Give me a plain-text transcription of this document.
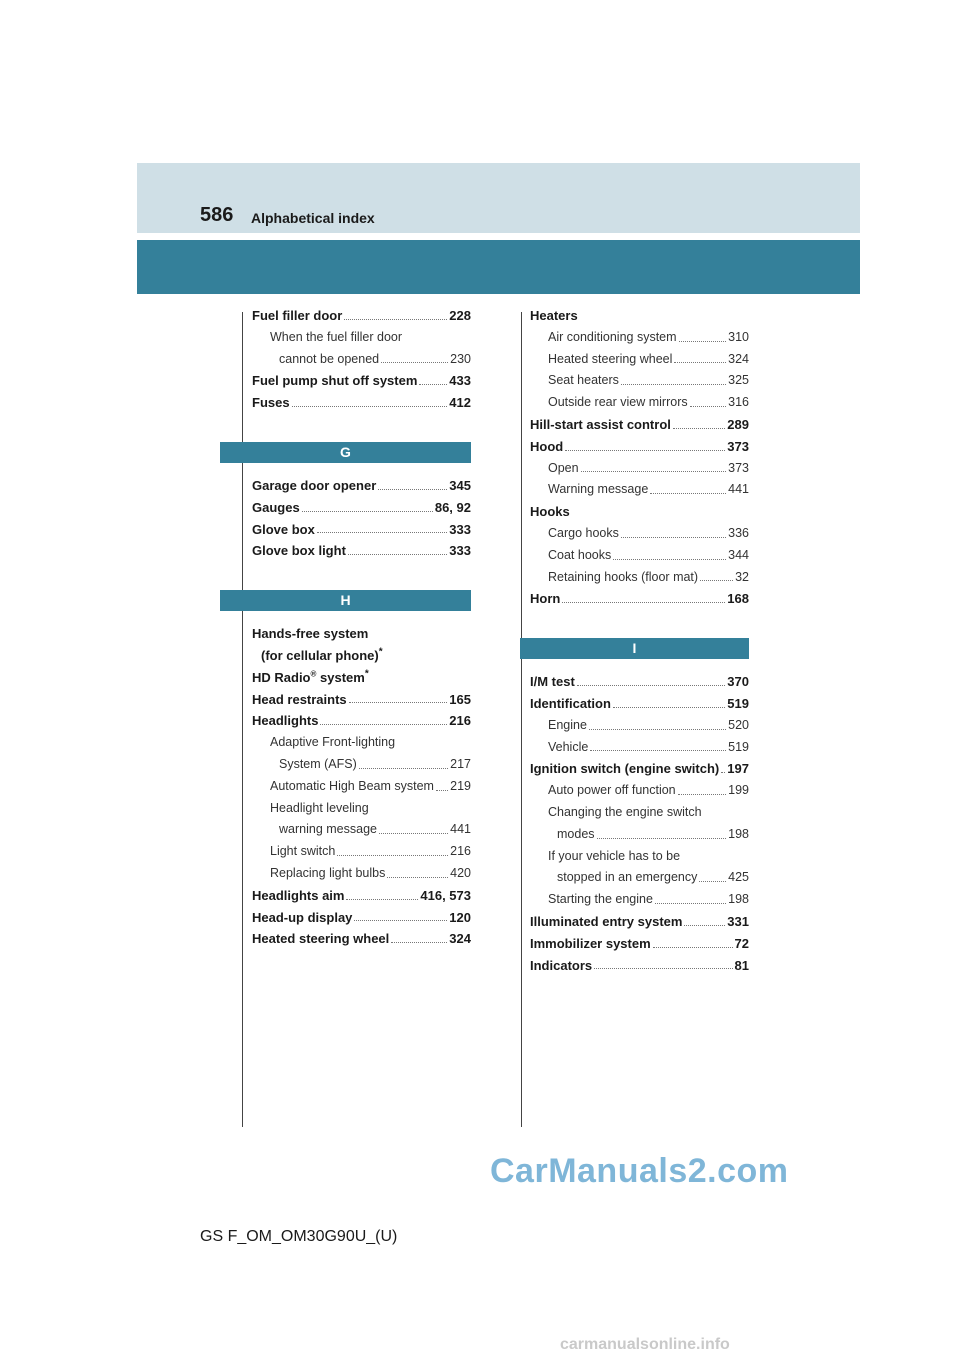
586 Alphabetical index
Fuel filler door	228
When the fuel filler door
cannot be opened	230
Fuel pump shut off system 433
Fuses	412
G
Garage door opener	345
Gauges	86, 92
Glove box	333
Glove box light	333
H
Hands-free system
(for cellular phone)*
HD Radio® system*
Head restraints	165
Headlights	216
Adaptive Front-lighting
System (AFS)	217
Automatic High Beam system 219
Headlight leveling
warning message	441
Light switch	216
Replacing light bulbs	420
Headlights aim	416, 573
Head-up display	120
Heated steering wheel	324
Heaters
Air conditioning system	310
Heated steering wheel	324
Seat heaters	325
Outside rear view mirrors	316
Hill-start assist control	289
Hood	373
Open	373
Warning message	441
Hooks
Cargo hooks	336
Coat hooks	344
Retaining hooks (floor mat)	32
Horn	168
I
I/M test	370
Identification	519
Engine	520
Vehicle	519
Ignition switch (engine switch) 197
Auto power off function	199
Changing the engine switch
modes	198
If your vehicle has to be
stopped in an emergency 425
Starting the engine	198
Illuminated entry system	331
Immobilizer system	72
Indicators	81
GS F_OM_OM30G90U_(U)
CarManuals2.com
carmanualsonline.info
